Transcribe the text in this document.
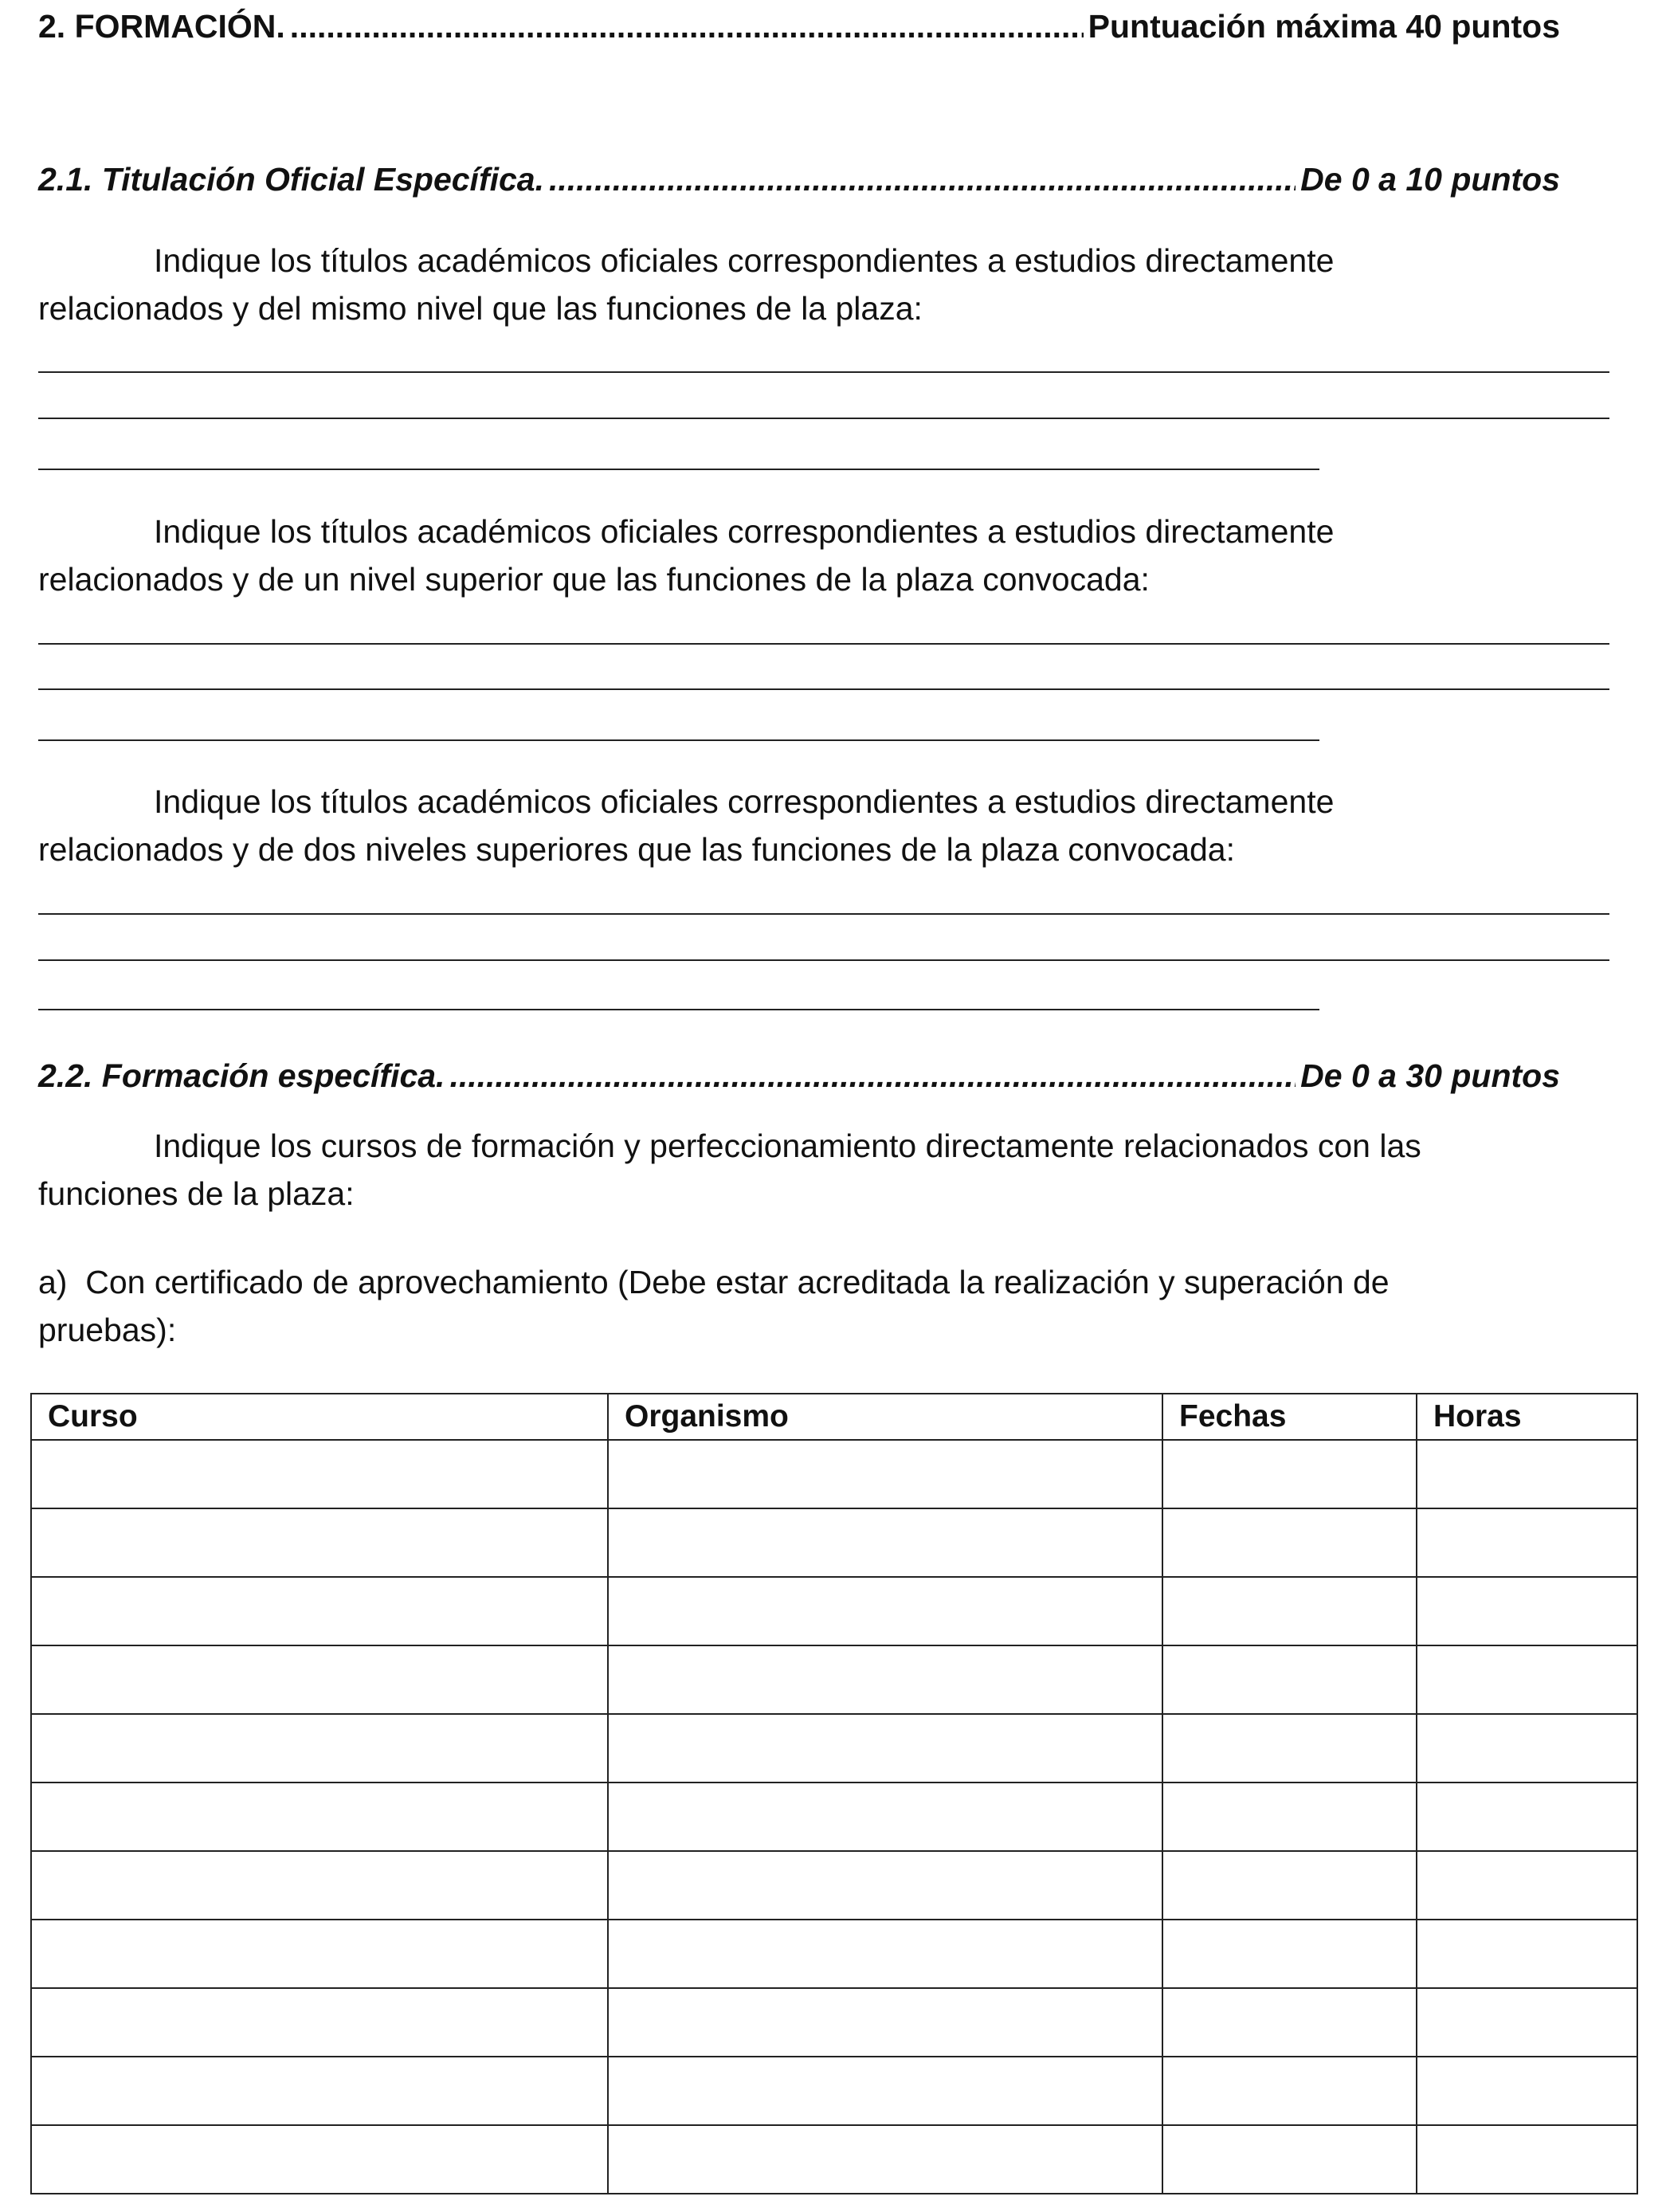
2. FORMACIÓN. .....	Puntuación máxima 40 puntos
2.1. Titulación Oficial Específica. .....	De 0 a 10 puntos
Indique los títulos académicos oficiales correspondientes a estudios directamente
relacionados y del mismo nivel que las funciones de la plaza:
Indique los títulos académicos oficiales correspondientes a estudios directamente
relacionados y de un nivel superior que las funciones de la plaza convocada:
Indique los títulos académicos oficiales correspondientes a estudios directamente
relacionados y de dos niveles superiores que las funciones de la plaza convocada:
2.2. Formación específica. .....	De 0 a 30 puntos
Indique los cursos de formación y perfeccionamiento directamente relacionados con las
funciones de la plaza:
a)  Con certificado de aprovechamiento (Debe estar acreditada la realización y superación de
pruebas):
Curso	Organismo	Fechas	Horas
